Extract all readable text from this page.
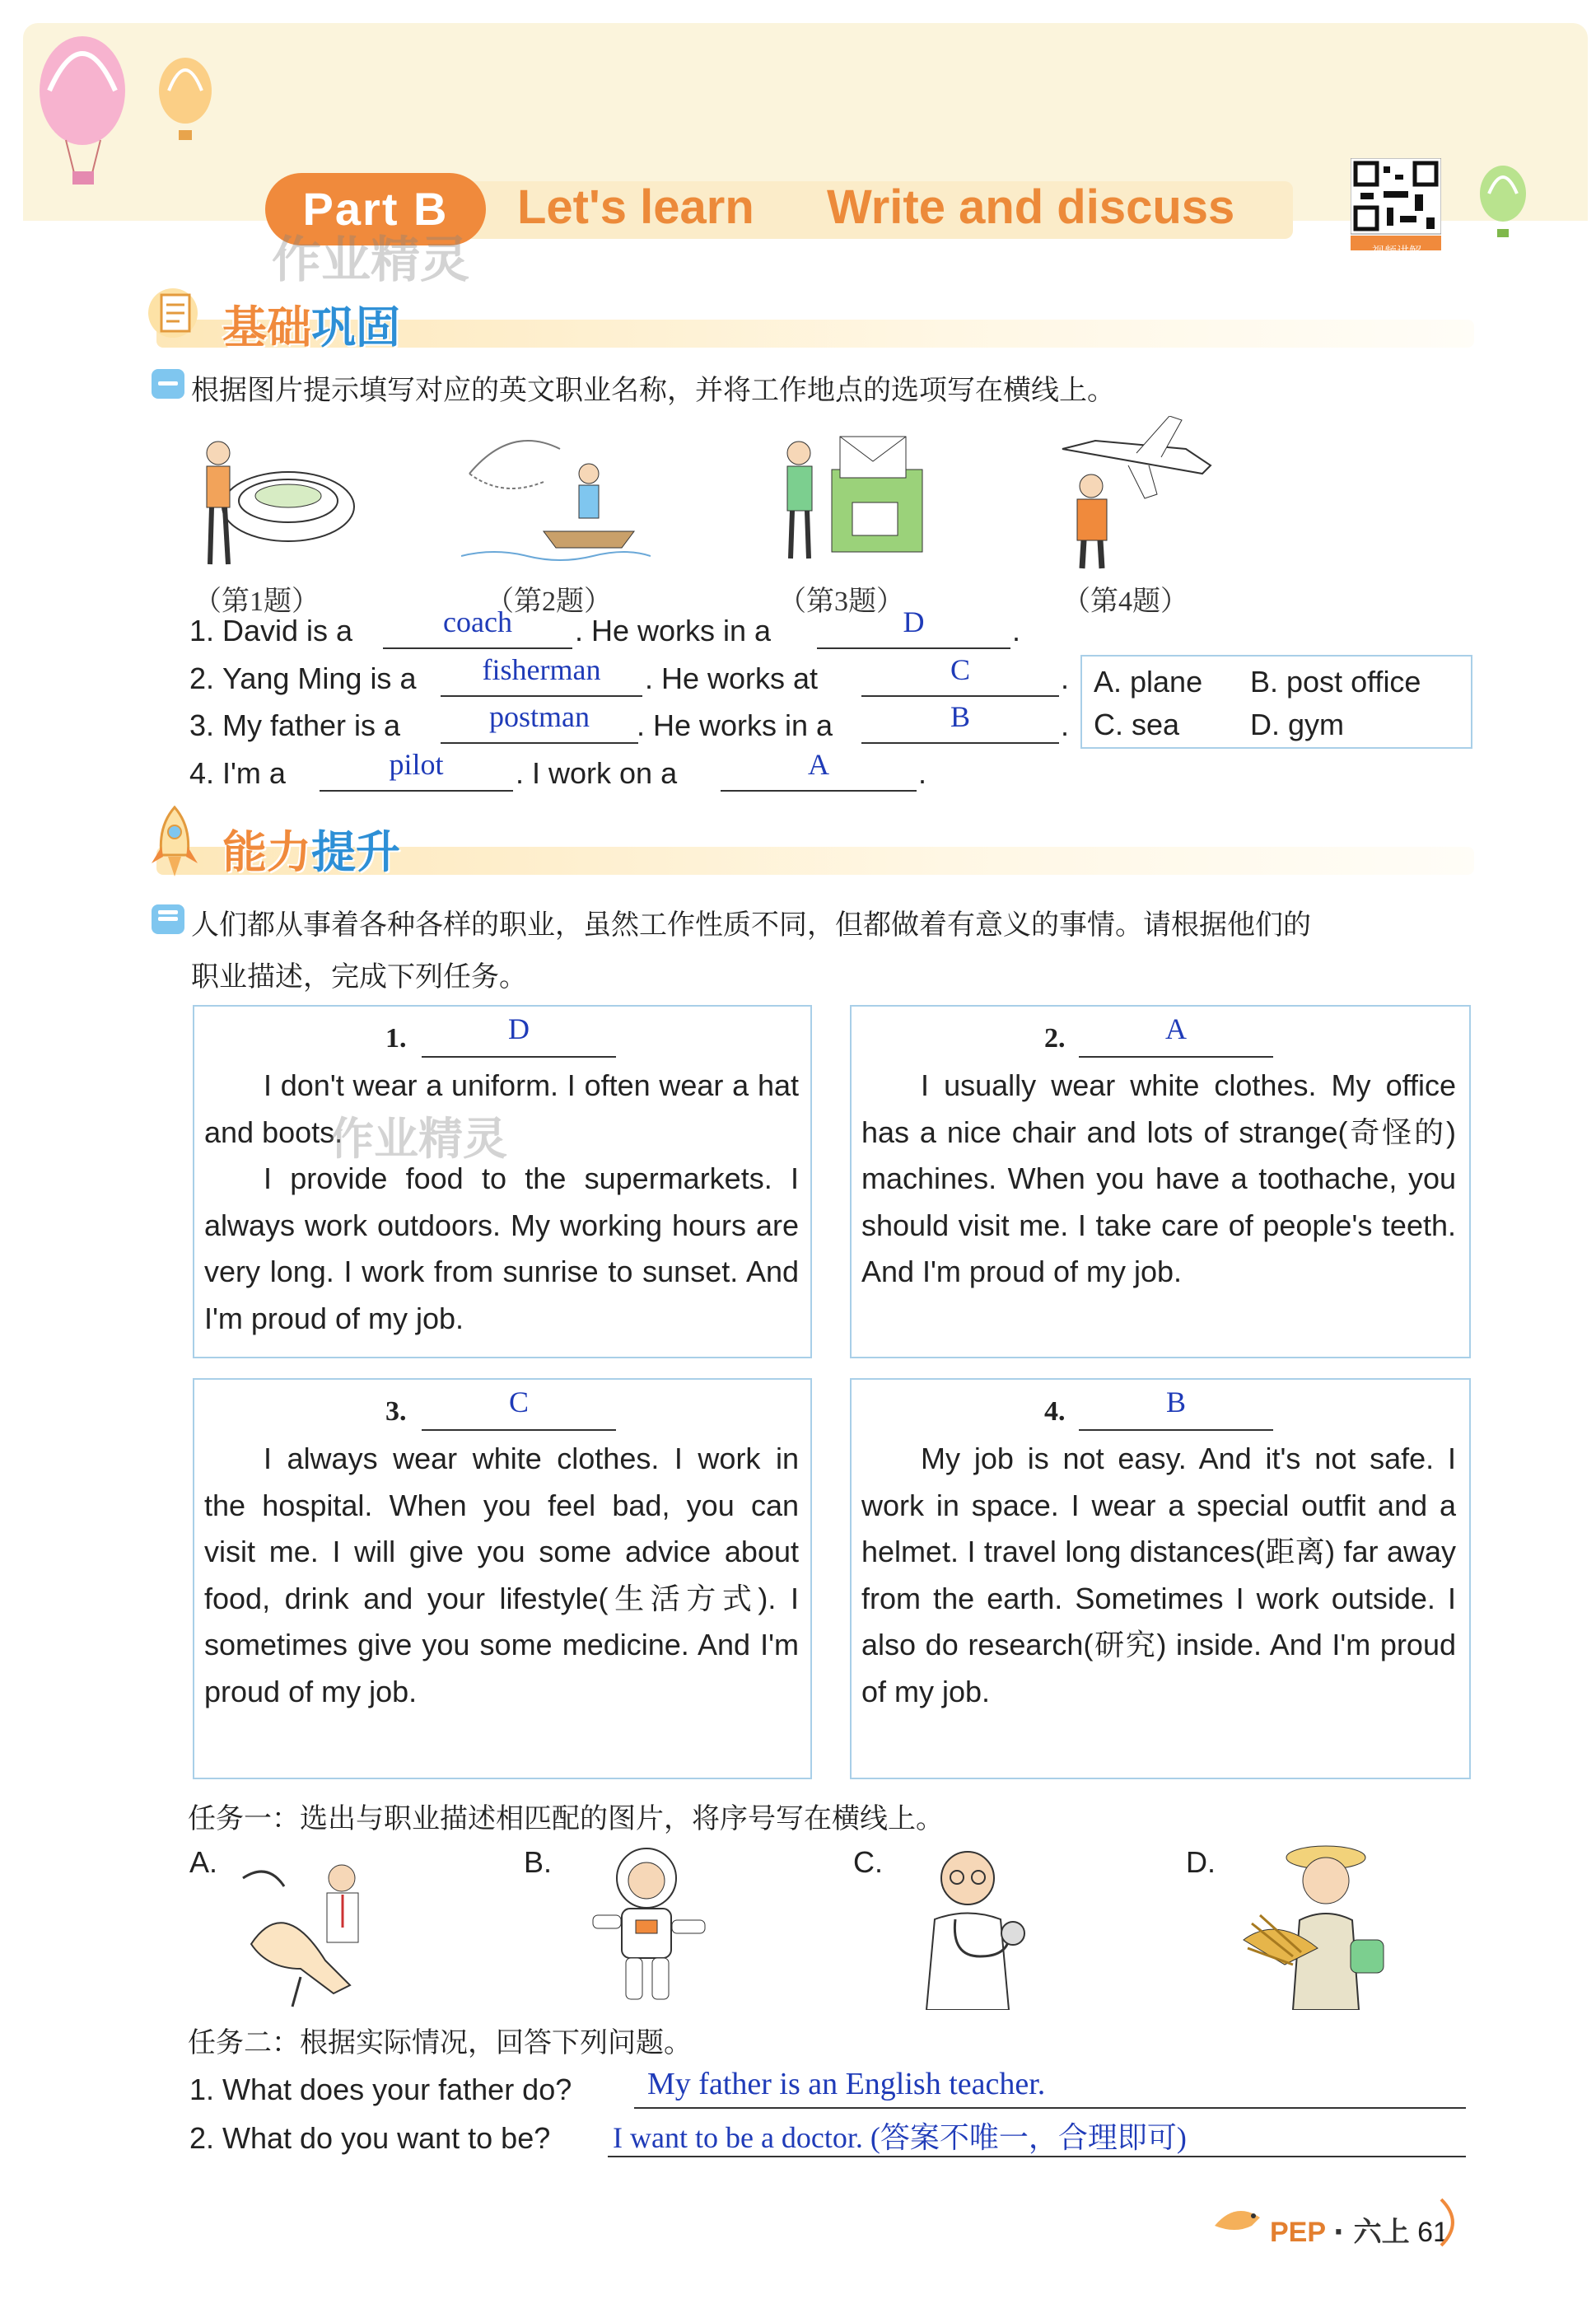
Part B	Let's learn Write and discuss
作业精灵	视频讲解
基础巩固
根据图片提示填写对应的英文职业名称，并将工作地点的选项写在横线上。
（第1题）	（第2题）	（第3题）	（第4题）
1. David is a	coach	. He works in a	D	.
2. Yang Ming is a	fisherman	. He works at	C	.
3. My father is a	postman	. He works in a	B	.
4. I'm a	pilot	. I work on a	A	.
A. plane B. post office
C. sea D. gym
能力提升
人们都从事着各种各样的职业，虽然工作性质不同，但都做着有意义的事情。请根据他们的
职业描述，完成下列任务。
1.	D

I don't wear a uniform. I often wear a hat and boots.

I provide food to the supermarkets. I always work outdoors. My working hours are very long. I work from sunrise to sunset. And I'm proud of my job.

作业精灵
2.	A

I usually wear white clothes. My office has a nice chair and lots of strange(奇怪的) machines. When you have a toothache, you should visit me. I take care of people's teeth. And I'm proud of my job.

3.	C

I always wear white clothes. I work in the hospital. When you feel bad, you can visit me. I will give you some advice about food, drink and your lifestyle(生活方式). I sometimes give you some medicine. And I'm proud of my job.

4.	B

My job is not easy. And it's not safe. I work in space. I wear a special outfit and a helmet. I travel long distances(距离) far away from the earth. Sometimes I work outside. I also do research(研究) inside. And I'm proud of my job.

任务一：选出与职业描述相匹配的图片，将序号写在横线上。
A.	B.	C.	D.
任务二：根据实际情况，回答下列问题。
1. What does your father do? My father is an English teacher.
2. What do you want to be? I want to be a doctor. (答案不唯一，合理即可)
PEP · 六上 61
